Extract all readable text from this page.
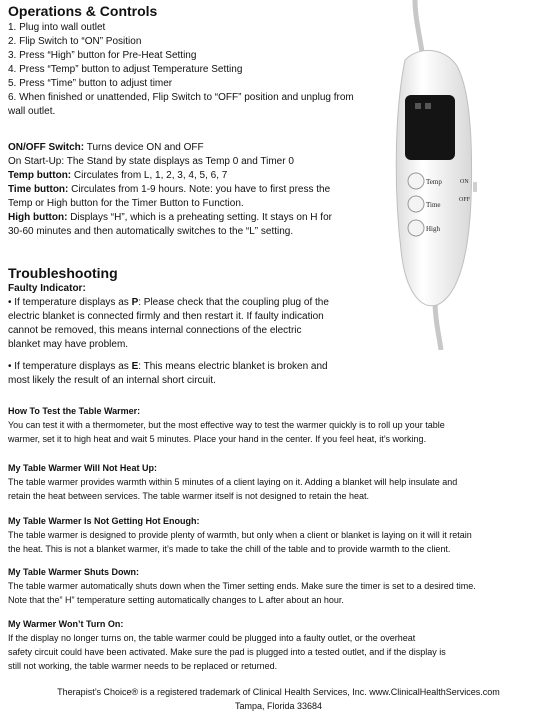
Operations & Controls
1. Plug into wall outlet
2. Flip Switch to “ON” Position
3. Press “High” button for Pre-Heat Setting
4. Press “Temp” button to adjust Temperature Setting
5. Press “Time” button to adjust timer
6. When finished or unattended, Flip Switch to “OFF” position and unplug from
wall outlet.
ON/OFF Switch: Turns device ON and OFF
On Start-Up: The Stand by state displays as Temp 0 and Timer 0
Temp button: Circulates from L, 1, 2, 3, 4, 5, 6, 7
Time button: Circulates from 1-9 hours. Note: you have to first press the
Temp or High button for the Timer Button to Function.
High button: Displays “H”, which is a preheating setting. It stays on H for
30-60 minutes and then automatically switches to the “L” setting.
Temp
Time
High
ON
OFF
Troubleshooting
Faulty Indicator:
• If temperature displays as P: Please check that the coupling plug of the
electric blanket is connected firmly and then restart it. If faulty indication
cannot be removed, this means internal connections of the electric
blanket may have problem.
• If temperature displays as E: This means electric blanket is broken and
most likely the result of an internal short circuit.
How To Test the Table Warmer:
You can test it with a thermometer, but the most effective way to test the warmer quickly is to roll up your table
warmer, set it to high heat and wait 5 minutes. Place your hand in the center. If you feel heat, it’s working.
My Table Warmer Will Not Heat Up:
The table warmer provides warmth within 5 minutes of a client laying on it. Adding a blanket will help insulate and
retain the heat between services. The table warmer itself is not designed to retain the heat.
My Table Warmer Is Not Getting Hot Enough:
The table warmer is designed to provide plenty of warmth, but only when a client or blanket is laying on it will it retain
the heat. This is not a blanket warmer, it’s made to take the chill of the table and to provide warmth to the client.
My Table Warmer Shuts Down:
The table warmer automatically shuts down when the Timer setting ends. Make sure the timer is set to a desired time.
Note that the” H” temperature setting automatically changes to L after about an hour.
My Warmer Won’t Turn On:
If the display no longer turns on, the table warmer could be plugged into a faulty outlet, or the overheat
safety circuit could have been activated. Make sure the pad is plugged into a tested outlet, and if the display is
still not working, the table warmer needs to be replaced or returned.
Therapist’s Choice® is a registered trademark of Clinical Health Services, Inc. www.ClinicalHealthServices.com
Tampa, Florida 33684
